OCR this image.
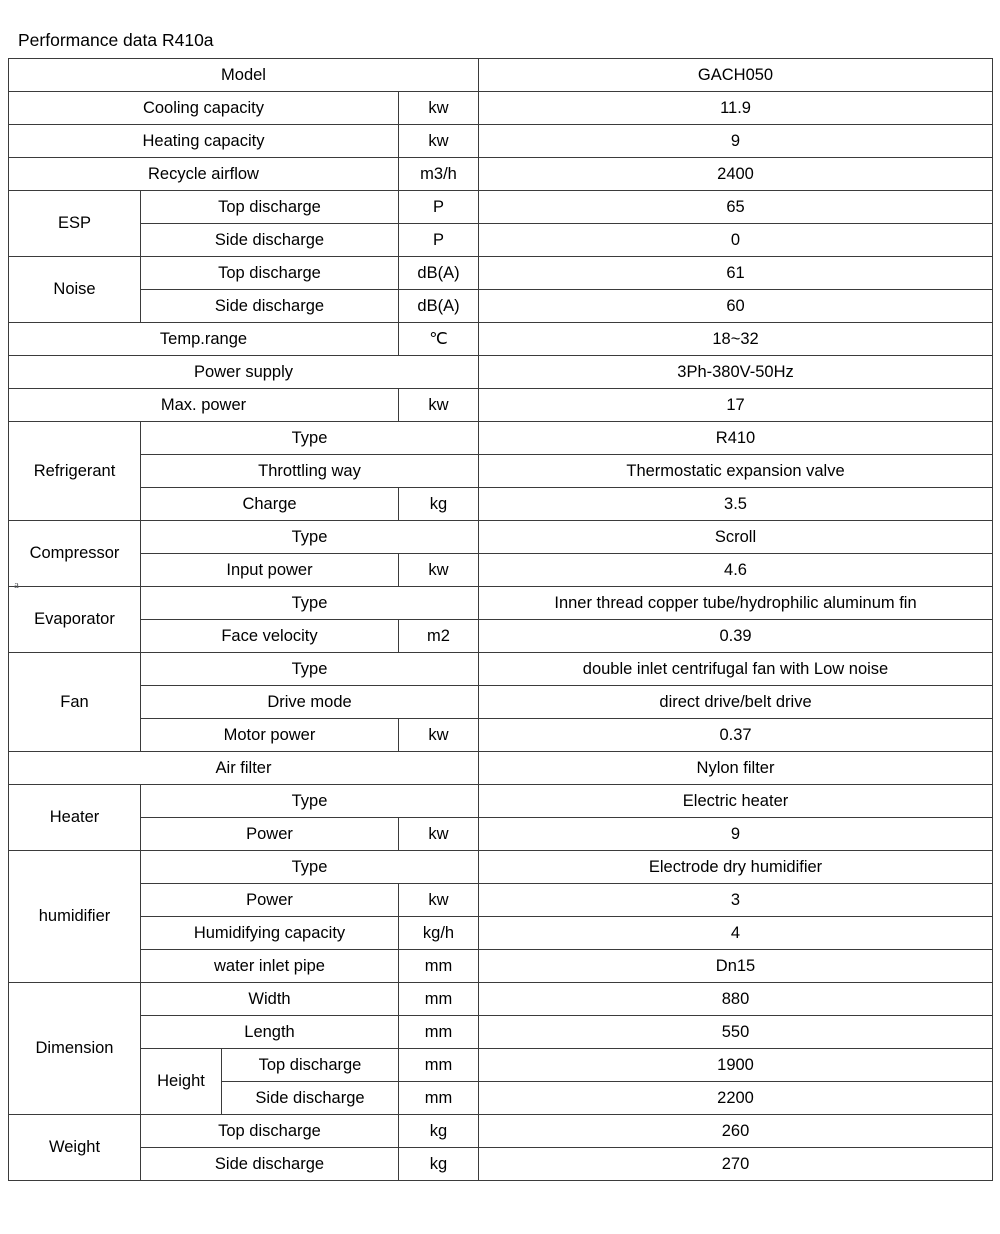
Performance data R410a
Model				GACH050
Cooling capacity			kw	11.9
Heating capacity			kw	9
Recycle airflow			m3/h	2400
ESP	Top discharge		P	65
	Side discharge		P	0
Noise	Top discharge		dB(A)	61
	Side discharge		dB(A)	60
Temp.range			℃	18~32
Power supply				3Ph-380V-50Hz
Max. power			kw	17
Refrigerant	Type			R410
	Throttling way			Thermostatic expansion valve
	Charge		kg	3.5
Compressor	Type			Scroll
	Input power		kw	4.6
Evaporator	Type			Inner thread copper tube/hydrophilic aluminum fin
	Face velocity		m2	0.39
Fan	Type			double inlet centrifugal fan with Low noise
	Drive mode			direct drive/belt drive
	Motor power		kw	0.37
Air filter				Nylon filter
Heater	Type			Electric heater
	Power		kw	9
humidifier	Type			Electrode dry humidifier
	Power		kw	3
	Humidifying capacity		kg/h	4
	water inlet pipe		mm	Dn15
Dimension	Width		mm	880
	Length		mm	550
	Height	Top discharge	mm	1900
		Side discharge	mm	2200
Weight	Top discharge		kg	260
	Side discharge		kg	270
a
